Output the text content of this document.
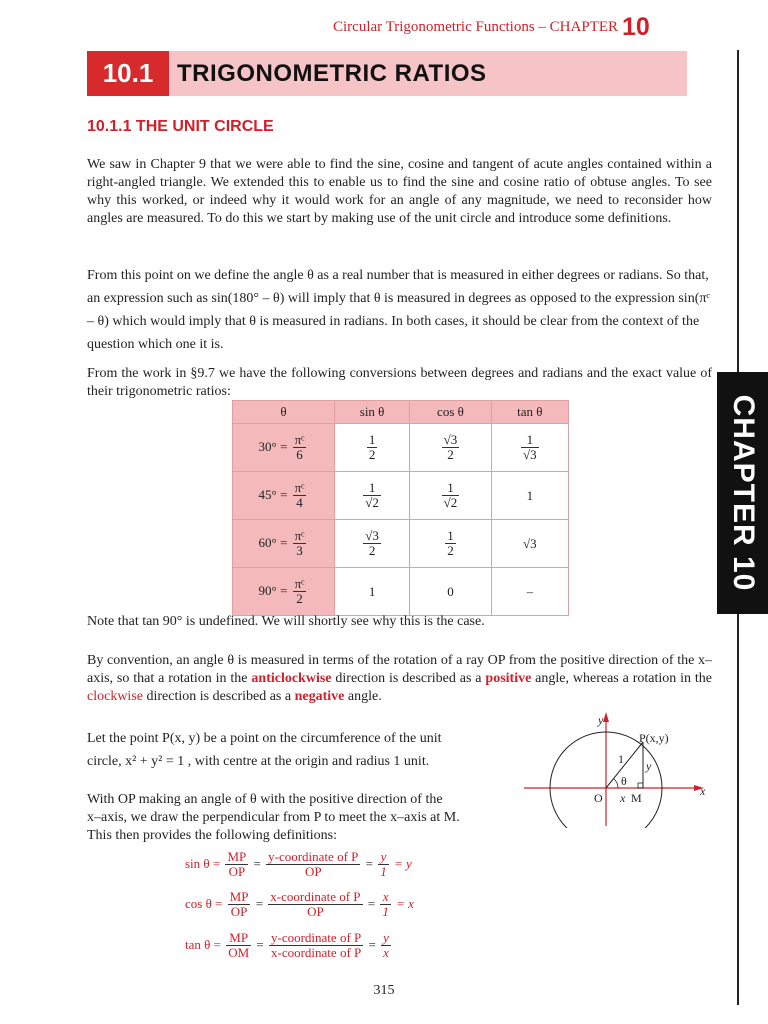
Circular Trigonometric Functions – CHAPTER 10
CHAPTER 10
10.1 TRIGONOMETRIC RATIOS
10.1.1 THE UNIT CIRCLE
We saw in Chapter 9 that we were able to find the sine, cosine and tangent of acute angles contained within a right-angled triangle. We extended this to enable us to find the sine and cosine ratio of obtuse angles. To see why this worked, or indeed why it would work for an angle of any magnitude, we need to reconsider how angles are measured. To do this we start by making use of the unit circle and introduce some definitions.
From this point on we define the angle θ as a real number that is measured in either degrees or radians. So that, an expression such as sin(180° – θ) will imply that θ is measured in degrees as opposed to the expression sin(πᶜ – θ) which would imply that θ is measured in radians. In both cases, it should be clear from the context of the question which one it is.
From the work in §9.7 we have the following conversions between degrees and radians and the exact value of their trigonometric ratios:
θ	sin θ	cos θ	tan θ
$30^\circ = \frac{\text{πᶜ}}{6}$	$\frac{1}{2}$	$\frac{√3}{2}$	$\frac{1}{√3}$

$45^\circ = \frac{\text{πᶜ}}{4}$	$\frac{1}{√2}$	$\frac{1}{√2}$	1
$60^\circ = \frac{\text{πᶜ}}{3}$	$\frac{√3}{2}$	$\frac{1}{2}$	√3
$90^\circ = \frac{\text{πᶜ}}{2}$	1	0	–
Note that tan 90° is undefined. We will shortly see why this is the case.
By convention, an angle θ is measured in terms of the rotation of a ray OP from the positive direction of the x–axis, so that a rotation in the anticlockwise direction is described as a positive angle, whereas a rotation in the clockwise direction is described as a negative angle.
Let the point P(x, y) be a point on the circumference of the unit
circle, x² + y² = 1 , with centre at the origin and radius 1 unit.
With OP making an angle of θ with the positive direction of the
x–axis, we draw the perpendicular from P to meet the x–axis at M.
This then provides the following definitions:
y
x
P(x,y)
1 y
θ
O x M
$\sin \theta = \frac{MP}{OP} = \frac{\text{y-coordinate of P}}{OP} = \frac{y}{1} = y$
$\cos \theta = \frac{MP}{OP} = \frac{\text{x-coordinate of P}}{OP} = \frac{x}{1} = x$
$\tan \theta = \frac{MP}{OM} = \frac{\text{y-coordinate of P}}{\text{x-coordinate of P}} = \frac{y}{x}$
315
